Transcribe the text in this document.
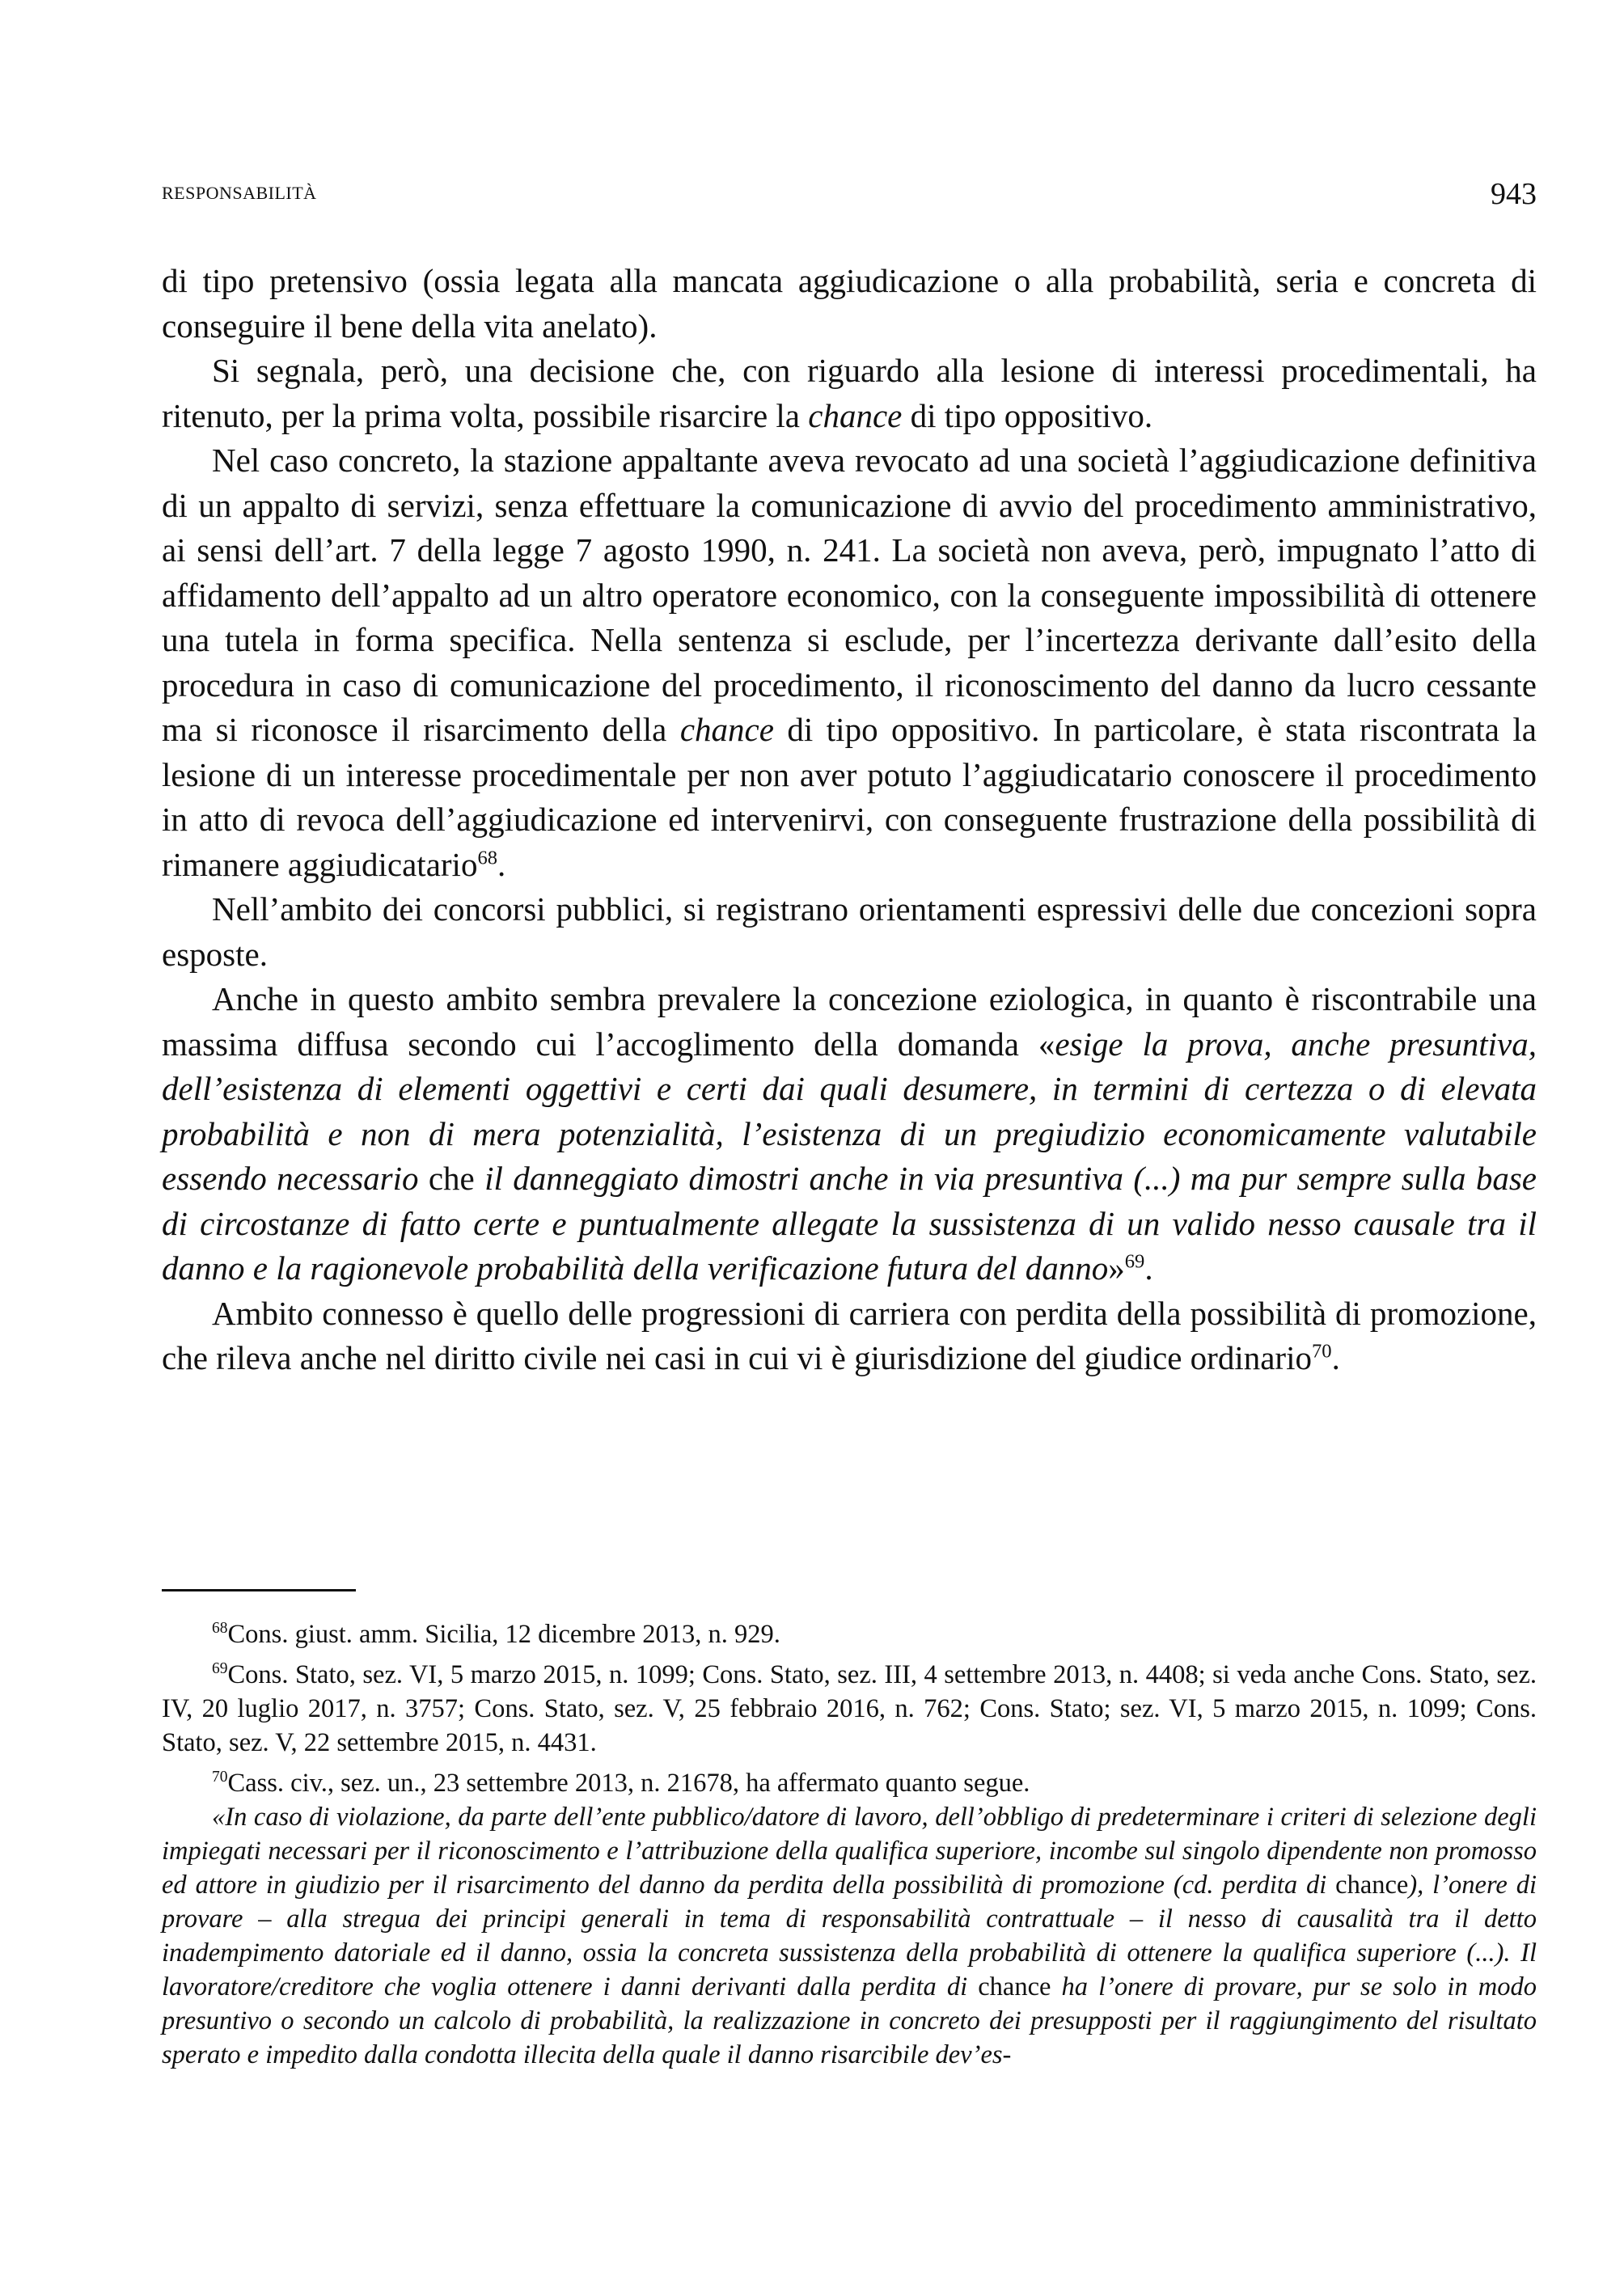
RESPONSABILITÀ	943

di tipo pretensivo (ossia legata alla mancata aggiudicazione o alla probabilità, seria e concreta di conseguire il bene della vita anelato).

Si segnala, però, una decisione che, con riguardo alla lesione di interessi procedimentali, ha ritenuto, per la prima volta, possibile risarcire la chance di tipo oppositivo.

Nel caso concreto, la stazione appaltante aveva revocato ad una società l’aggiudicazione definitiva di un appalto di servizi, senza effettuare la comunicazione di avvio del procedimento amministrativo, ai sensi dell’art. 7 della legge 7 agosto 1990, n. 241. La società non aveva, però, impugnato l’atto di affidamento dell’appalto ad un altro operatore economico, con la conseguente impossibilità di ottenere una tutela in forma specifica. Nella sentenza si esclude, per l’incertezza derivante dall’esito della procedura in caso di comunicazione del procedimento, il riconoscimento del danno da lucro cessante ma si riconosce il risarcimento della chance di tipo oppositivo. In particolare, è stata riscontrata la lesione di un interesse procedimentale per non aver potuto l’aggiudicatario conoscere il procedimento in atto di revoca dell’aggiudicazione ed intervenirvi, con conseguente frustrazione della possibilità di rimanere aggiudicatario$^{68}$.

Nell’ambito dei concorsi pubblici, si registrano orientamenti espressivi delle due concezioni sopra esposte.

Anche in questo ambito sembra prevalere la concezione eziologica, in quanto è riscontrabile una massima diffusa secondo cui l’accoglimento della domanda «esige la prova, anche presuntiva, dell’esistenza di elementi oggettivi e certi dai quali desumere, in termini di certezza o di elevata probabilità e non di mera potenzialità, l’esistenza di un pregiudizio economicamente valutabile essendo necessario che il danneggiato dimostri anche in via presuntiva (...) ma pur sempre sulla base di circostanze di fatto certe e puntualmente allegate la sussistenza di un valido nesso causale tra il danno e la ragionevole probabilità della verificazione futura del danno»$^{69}$.

Ambito connesso è quello delle progressioni di carriera con perdita della possibilità di promozione, che rileva anche nel diritto civile nei casi in cui vi è giurisdizione del giudice ordinario$^{70}$.

$^{68}$Cons. giust. amm. Sicilia, 12 dicembre 2013, n. 929.

$^{69}$Cons. Stato, sez. VI, 5 marzo 2015, n. 1099; Cons. Stato, sez. III, 4 settembre 2013, n. 4408; si veda anche Cons. Stato, sez. IV, 20 luglio 2017, n. 3757; Cons. Stato, sez. V, 25 febbraio 2016, n. 762; Cons. Stato; sez. VI, 5 marzo 2015, n. 1099; Cons. Stato, sez. V, 22 settembre 2015, n. 4431.

$^{70}$Cass. civ., sez. un., 23 settembre 2013, n. 21678, ha affermato quanto segue.

«In caso di violazione, da parte dell’ente pubblico/datore di lavoro, dell’obbligo di predeterminare i criteri di selezione degli impiegati necessari per il riconoscimento e l’attribuzione della qualifica superiore, incombe sul singolo dipendente non promosso ed attore in giudizio per il risarcimento del danno da perdita della possibilità di promozione (cd. perdita di chance), l’onere di provare – alla stregua dei principi generali in tema di responsabilità contrattuale – il nesso di causalità tra il detto inadempimento datoriale ed il danno, ossia la concreta sussistenza della probabilità di ottenere la qualifica superiore (...). Il lavoratore/creditore che voglia ottenere i danni derivanti dalla perdita di chance ha l’onere di provare, pur se solo in modo presuntivo o secondo un calcolo di probabilità, la realizzazione in concreto dei presupposti per il raggiungimento del risultato sperato e impedito dalla condotta illecita della quale il danno risarcibile dev’es-
